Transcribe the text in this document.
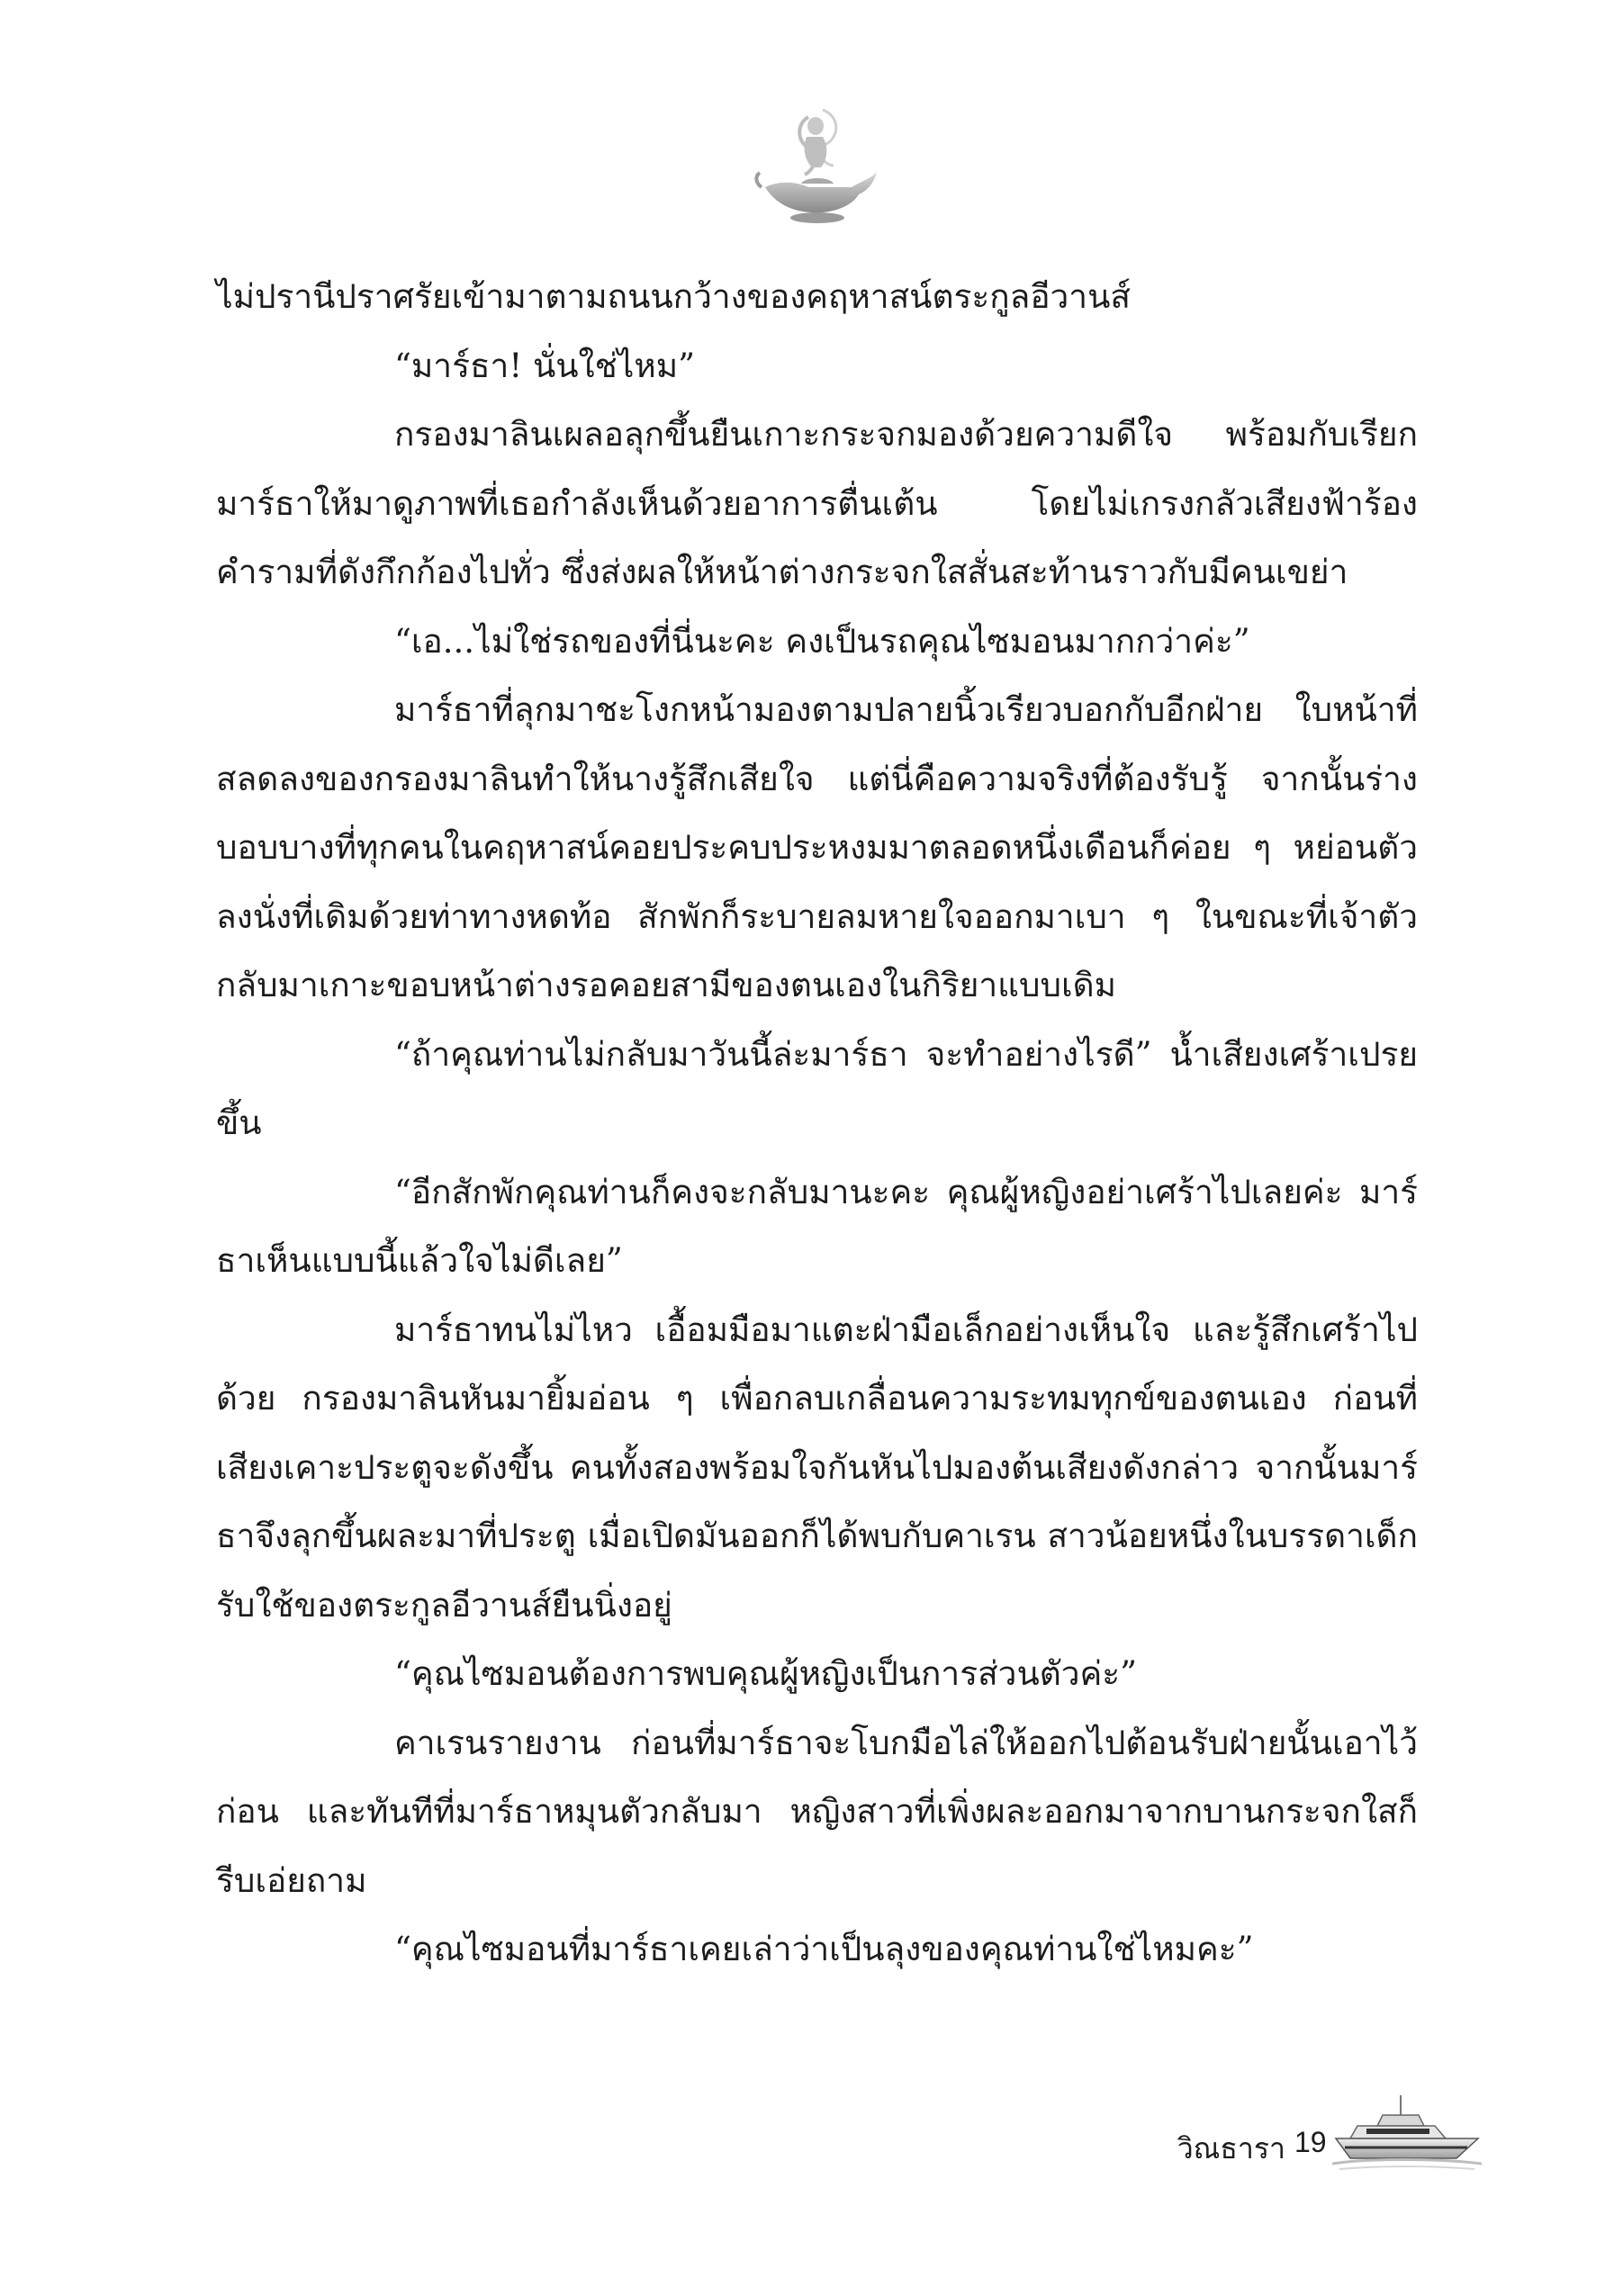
ไม่ปรานีปราศรัยเข้ามาตามถนนกว้างของคฤหาสน์ตระกูลอีวานส์

“มาร์ธา! นั่นใช่ไหม”

กรองมาลินเผลอลุกขึ้นยืนเกาะกระจกมองด้วยความดีใจ พร้อมกับเรียกมาร์ธาให้มาดูภาพที่เธอกำลังเห็นด้วยอาการตื่นเต้น โดยไม่เกรงกลัวเสียงฟ้าร้องคำรามที่ดังกึกก้องไปทั่ว ซึ่งส่งผลให้หน้าต่างกระจกใสสั่นสะท้านราวกับมีคนเขย่า

“เอ...ไม่ใช่รถของที่นี่นะคะ คงเป็นรถคุณไซมอนมากกว่าค่ะ”

มาร์ธาที่ลุกมาชะโงกหน้ามองตามปลายนิ้วเรียวบอกกับอีกฝ่าย ใบหน้าที่สลดลงของกรองมาลินทำให้นางรู้สึกเสียใจ แต่นี่คือความจริงที่ต้องรับรู้ จากนั้นร่างบอบบางที่ทุกคนในคฤหาสน์คอยประคบประหงมมาตลอดหนึ่งเดือนก็ค่อย ๆ หย่อนตัวลงนั่งที่เดิมด้วยท่าทางหดท้อ สักพักก็ระบายลมหายใจออกมาเบา ๆ ในขณะที่เจ้าตัวกลับมาเกาะขอบหน้าต่างรอคอยสามีของตนเองในกิริยาแบบเดิม

“ถ้าคุณท่านไม่กลับมาวันนี้ล่ะมาร์ธา จะทำอย่างไรดี” น้ำเสียงเศร้าเปรยขึ้น

“อีกสักพักคุณท่านก็คงจะกลับมานะคะ คุณผู้หญิงอย่าเศร้าไปเลยค่ะ มาร์ธาเห็นแบบนี้แล้วใจไม่ดีเลย”

มาร์ธาทนไม่ไหว เอื้อมมือมาแตะฝ่ามือเล็กอย่างเห็นใจ และรู้สึกเศร้าไปด้วย กรองมาลินหันมายิ้มอ่อน ๆ เพื่อกลบเกลื่อนความระทมทุกข์ของตนเอง ก่อนที่เสียงเคาะประตูจะดังขึ้น คนทั้งสองพร้อมใจกันหันไปมองต้นเสียงดังกล่าว จากนั้นมาร์ธาจึงลุกขึ้นผละมาที่ประตู เมื่อเปิดมันออกก็ได้พบกับคาเรน สาวน้อยหนึ่งในบรรดาเด็กรับใช้ของตระกูลอีวานส์ยืนนิ่งอยู่

“คุณไซมอนต้องการพบคุณผู้หญิงเป็นการส่วนตัวค่ะ”

คาเรนรายงาน ก่อนที่มาร์ธาจะโบกมือไล่ให้ออกไปต้อนรับฝ่ายนั้นเอาไว้ก่อน และทันทีที่มาร์ธาหมุนตัวกลับมา หญิงสาวที่เพิ่งผละออกมาจากบานกระจกใสก็รีบเอ่ยถาม

“คุณไซมอนที่มาร์ธาเคยเล่าว่าเป็นลุงของคุณท่านใช่ไหมคะ”

วิณธารา 19
